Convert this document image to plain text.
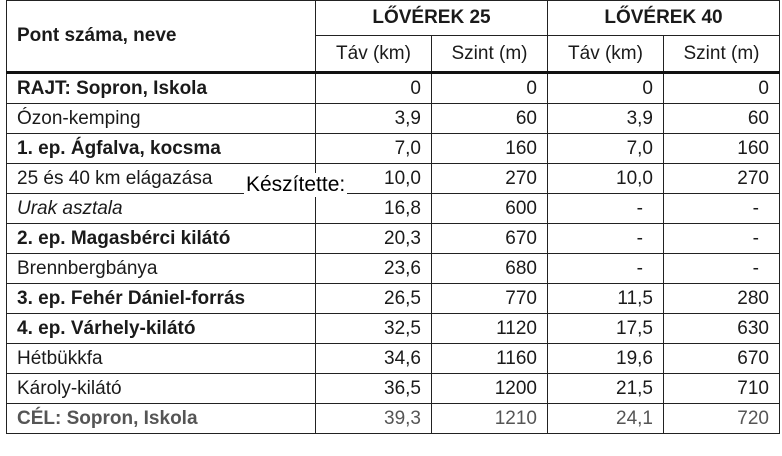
Pont száma, neve	LŐVÉREK 25		LŐVÉREK 40	
	Táv (km)	Szint (m)	Táv (km)	Szint (m)
RAJT: Sopron, Iskola	0	0	0	0
Ózon-kemping	3,9	60	3,9	60
1. ep. Ágfalva, kocsma	7,0	160	7,0	160
25 és 40 km elágazása	10,0	270	10,0	270
Urak asztala	16,8	600	-	-
2. ep. Magasbérci kilátó	20,3	670	-	-
Brennbergbánya	23,6	680	-	-
3. ep. Fehér Dániel-forrás	26,5	770	11,5	280
4. ep. Várhely-kilátó	32,5	1120	17,5	630
Hétbükkfa	34,6	1160	19,6	670
Károly-kilátó	36,5	1200	21,5	710
CÉL: Sopron, Iskola	39,3	1210	24,1	720
Készítette:
